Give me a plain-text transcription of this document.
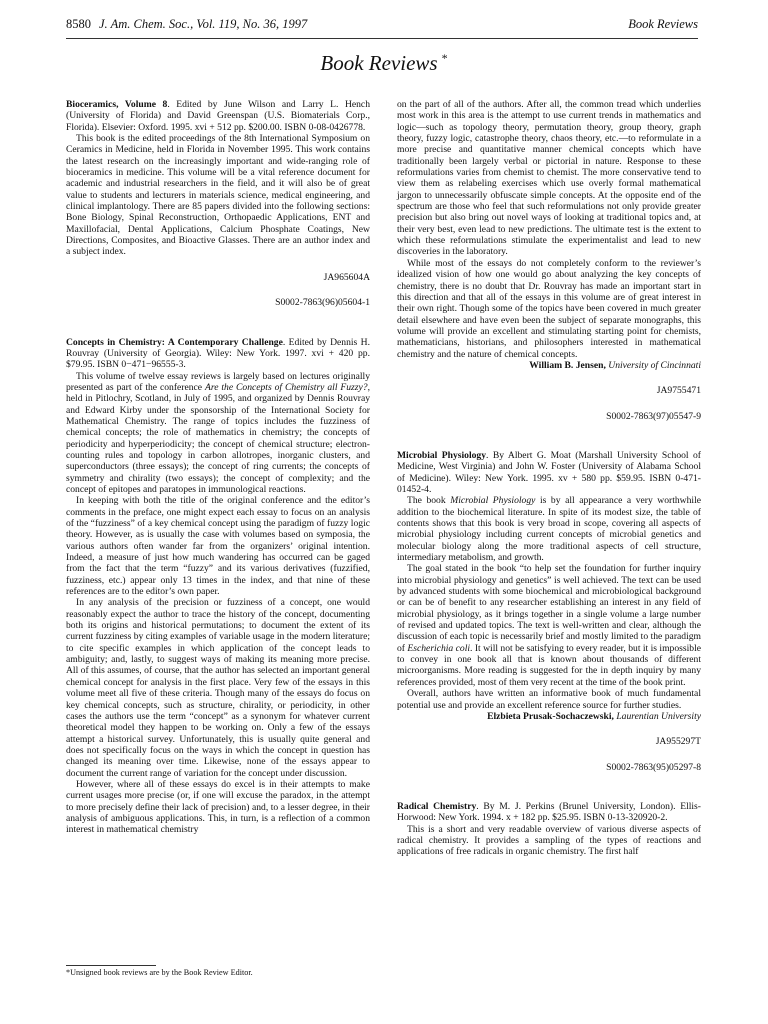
8580 J. Am. Chem. Soc., Vol. 119, No. 36, 1997	Book Reviews
Book Reviews *

Bioceramics, Volume 8. Edited by June Wilson and Larry L. Hench (University of Florida) and David Greenspan (U.S. Biomaterials Corp., Florida). Elsevier: Oxford. 1995. xvi + 512 pp. $200.00. ISBN 0-08-0426778.

This book is the edited proceedings of the 8th International Symposium on Ceramics in Medicine, held in Florida in November 1995. This work contains the latest research on the increasingly important and wide-ranging role of bioceramics in medicine. This volume will be a vital reference document for academic and industrial researchers in the field, and it will also be of great value to students and lecturers in materials science, medical engineering, and clinical implantology. There are 85 papers divided into the following sections: Bone Biology, Spinal Reconstruction, Orthopaedic Applications, ENT and Maxillofacial, Dental Applications, Calcium Phosphate Coatings, New Directions, Composites, and Bioactive Glasses. There are an author index and a subject index.

JA965604A

S0002-7863(96)05604-1

Concepts in Chemistry: A Contemporary Challenge. Edited by Dennis H. Rouvray (University of Georgia). Wiley: New York. 1997. xvi + 420 pp. $79.95. ISBN 0−471−96555-3.

This volume of twelve essay reviews is largely based on lectures originally presented as part of the conference Are the Concepts of Chemistry all Fuzzy?, held in Pitlochry, Scotland, in July of 1995, and organized by Dennis Rouvray and Edward Kirby under the sponsorship of the International Society for Mathematical Chemistry. The range of topics includes the fuzziness of chemical concepts; the role of mathematics in chemistry; the concepts of periodicity and hyperperiodicity; the concept of chemical structure; electron-counting rules and topology in carbon allotropes, inorganic clusters, and superconductors (three essays); the concept of ring currents; the concepts of symmetry and chirality (two essays); the concept of complexity; and the concept of epitopes and paratopes in immunological reactions.

In keeping with both the title of the original conference and the editor’s comments in the preface, one might expect each essay to focus on an analysis of the “fuzziness” of a key chemical concept using the paradigm of fuzzy logic theory. However, as is usually the case with volumes based on symposia, the various authors often wander far from the organizers’ original intention. Indeed, a measure of just how much wandering has occurred can be gaged from the fact that the term “fuzzy” and its various derivatives (fuzzified, fuzziness, etc.) appear only 13 times in the index, and that nine of these references are to the editor’s own paper.

In any analysis of the precision or fuzziness of a concept, one would reasonably expect the author to trace the history of the concept, documenting both its origins and historical permutations; to document the extent of its current fuzziness by citing examples of variable usage in the modern literature; to cite specific examples in which application of the concept leads to ambiguity; and, lastly, to suggest ways of making its meaning more precise. All of this assumes, of course, that the author has selected an important general chemical concept for analysis in the first place. Very few of the essays in this volume meet all five of these criteria. Though many of the essays do focus on key chemical concepts, such as structure, chirality, or periodicity, in other cases the authors use the term “concept” as a synonym for whatever current theoretical model they happen to be working on. Only a few of the essays attempt a historical survey. Unfortunately, this is usually quite general and does not specifically focus on the ways in which the concept in question has changed its meaning over time. Likewise, none of the essays appear to document the current range of variation for the concept under discussion.

However, where all of these essays do excel is in their attempts to make current usages more precise (or, if one will excuse the paradox, in the attempt to more precisely define their lack of precision) and, to a lesser degree, in their analysis of ambiguous applications. This, in turn, is a reflection of a common interest in mathematical chemistry

on the part of all of the authors. After all, the common tread which underlies most work in this area is the attempt to use current trends in mathematics and logic—such as topology theory, permutation theory, group theory, graph theory, fuzzy logic, catastrophe theory, chaos theory, etc.—to reformulate in a more precise and quantitative manner chemical concepts which have traditionally been largely verbal or pictorial in nature. Response to these reformulations varies from chemist to chemist. The more conservative tend to view them as relabeling exercises which use overly formal mathematical jargon to unnecessarily obfuscate simple concepts. At the opposite end of the spectrum are those who feel that such reformulations not only provide greater precision but also bring out novel ways of looking at traditional topics and, at their very best, even lead to new predictions. The ultimate test is the extent to which these reformulations stimulate the experimentalist and lead to new discoveries in the laboratory.

While most of the essays do not completely conform to the reviewer’s idealized vision of how one would go about analyzing the key concepts of chemistry, there is no doubt that Dr. Rouvray has made an important start in this direction and that all of the essays in this volume are of great interest in their own right. Though some of the topics have been covered in much greater detail elsewhere and have even been the subject of separate monographs, this volume will provide an excellent and stimulating starting point for chemists, mathematicians, historians, and philosophers interested in mathematical chemistry and the nature of chemical concepts.

William B. Jensen, University of Cincinnati

JA9755471

S0002-7863(97)05547-9

Microbial Physiology. By Albert G. Moat (Marshall University School of Medicine, West Virginia) and John W. Foster (University of Alabama School of Medicine). Wiley: New York. 1995. xv + 580 pp. $59.95. ISBN 0-471-01452-4.

The book Microbial Physiology is by all appearance a very worthwhile addition to the biochemical literature. In spite of its modest size, the table of contents shows that this book is very broad in scope, covering all aspects of microbial physiology including current concepts of microbial genetics and molecular biology along the more traditional aspects of cell structure, intermediary metabolism, and growth.

The goal stated in the book “to help set the foundation for further inquiry into microbial physiology and genetics” is well achieved. The text can be used by advanced students with some biochemical and microbiological background or can be of benefit to any researcher establishing an interest in any field of microbial physiology, as it brings together in a single volume a large number of revised and updated topics. The text is well-written and clear, although the discussion of each topic is necessarily brief and mostly limited to the paradigm of Escherichia coli. It will not be satisfying to every reader, but it is impossible to convey in one book all that is known about thousands of different microorganisms. More reading is suggested for the in depth inquiry by many references provided, most of them very recent at the time of the book print.

Overall, authors have written an informative book of much fundamental potential use and provide an excellent reference source for further studies.

Elzbieta Prusak-Sochaczewski, Laurentian University

JA955297T

S0002-7863(95)05297-8

Radical Chemistry. By M. J. Perkins (Brunel University, London). Ellis-Horwood: New York. 1994. x + 182 pp. $25.95. ISBN 0-13-320920-2.

This is a short and very readable overview of various diverse aspects of radical chemistry. It provides a sampling of the types of reactions and applications of free radicals in organic chemistry. The first half

*Unsigned book reviews are by the Book Review Editor.
